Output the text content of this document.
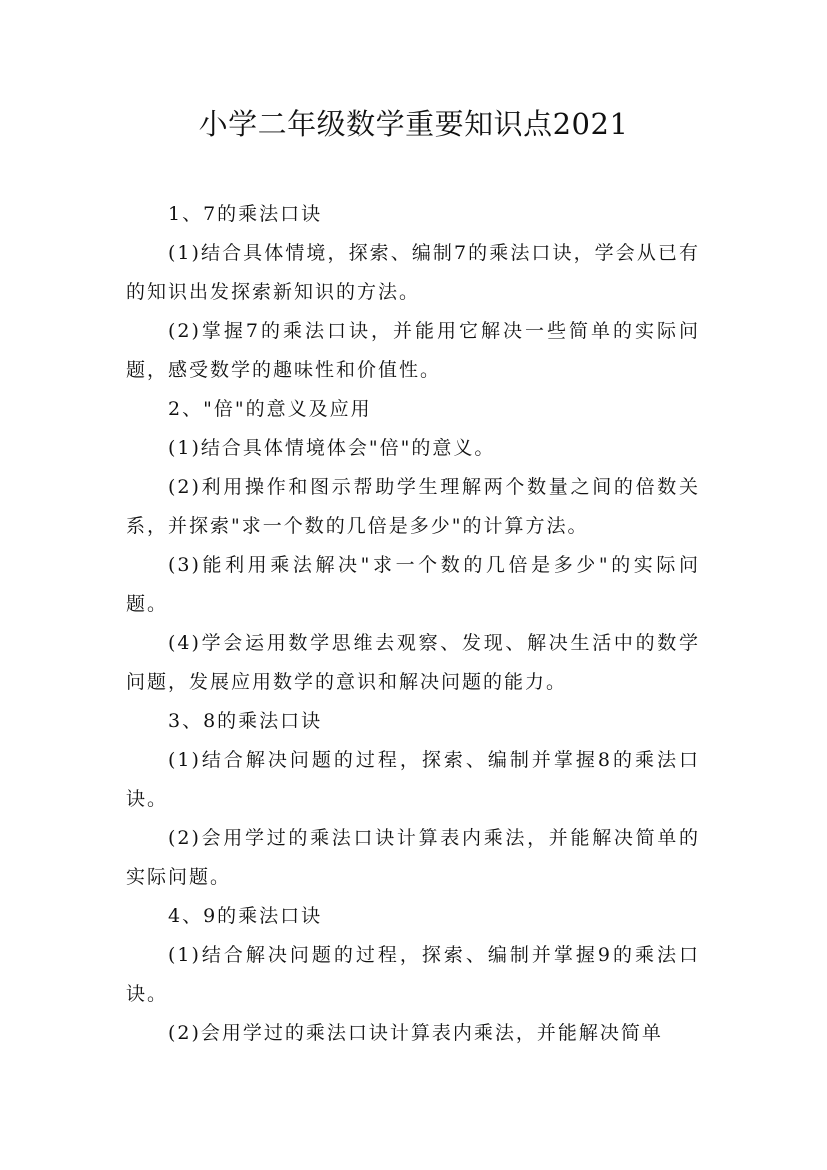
小学二年级数学重要知识点2021

1、7的乘法口诀

(1)结合具体情境，探索、编制7的乘法口诀，学会从已有的知识出发探索新知识的方法。

(2)掌握7的乘法口诀，并能用它解决一些简单的实际问题，感受数学的趣味性和价值性。

2、"倍"的意义及应用

(1)结合具体情境体会"倍"的意义。

(2)利用操作和图示帮助学生理解两个数量之间的倍数关系，并探索"求一个数的几倍是多少"的计算方法。

(3)能利用乘法解决"求一个数的几倍是多少"的实际问题。

(4)学会运用数学思维去观察、发现、解决生活中的数学问题，发展应用数学的意识和解决问题的能力。

3、8的乘法口诀

(1)结合解决问题的过程，探索、编制并掌握8的乘法口诀。

(2)会用学过的乘法口诀计算表内乘法，并能解决简单的实际问题。

4、9的乘法口诀

(1)结合解决问题的过程，探索、编制并掌握9的乘法口诀。

(2)会用学过的乘法口诀计算表内乘法，并能解决简单
